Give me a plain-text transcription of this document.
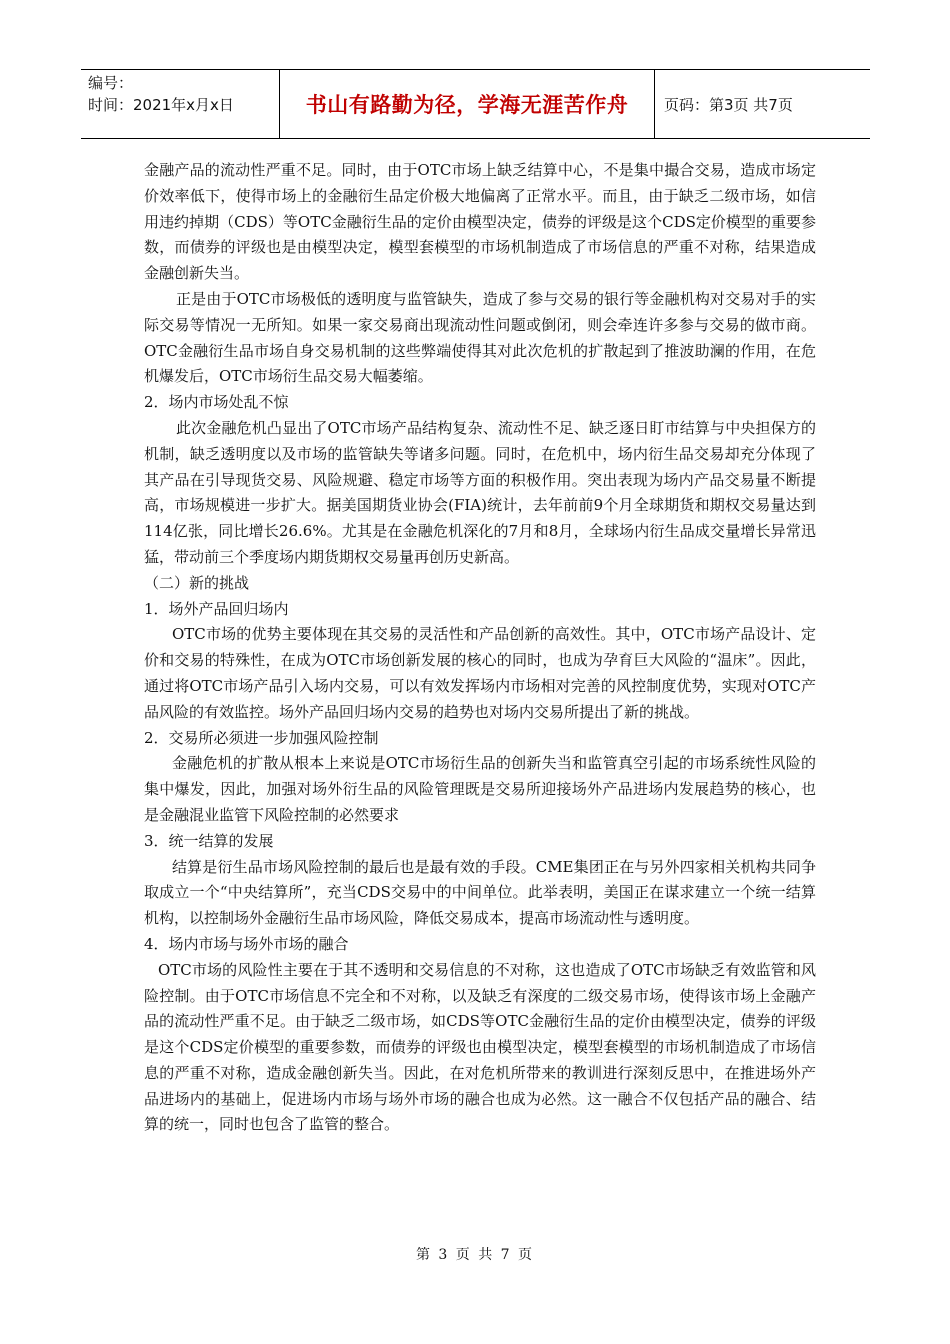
编号：
时间：2021年x月x日	书山有路勤为径，学海无涯苦作舟	页码：第3页 共7页

金融产品的流动性严重不足。同时，由于OTC市场上缺乏结算中心，不是集中撮合交易，造成市场定价效率低下，使得市场上的金融衍生品定价极大地偏离了正常水平。而且，由于缺乏二级市场，如信用违约掉期（CDS）等OTC金融衍生品的定价由模型决定，债券的评级是这个CDS定价模型的重要参数，而债券的评级也是由模型决定，模型套模型的市场机制造成了市场信息的严重不对称，结果造成金融创新失当。

正是由于OTC市场极低的透明度与监管缺失，造成了参与交易的银行等金融机构对交易对手的实际交易等情况一无所知。如果一家交易商出现流动性问题或倒闭，则会牵连许多参与交易的做市商。OTC金融衍生品市场自身交易机制的这些弊端使得其对此次危机的扩散起到了推波助澜的作用，在危机爆发后，OTC市场衍生品交易大幅萎缩。

2．场内市场处乱不惊

此次金融危机凸显出了OTC市场产品结构复杂、流动性不足、缺乏逐日盯市结算与中央担保方的机制，缺乏透明度以及市场的监管缺失等诸多问题。同时，在危机中，场内衍生品交易却充分体现了其产品在引导现货交易、风险规避、稳定市场等方面的积极作用。突出表现为场内产品交易量不断提高，市场规模进一步扩大。据美国期货业协会(FIA)统计，去年前前9个月全球期货和期权交易量达到114亿张，同比增长26.6%。尤其是在金融危机深化的7月和8月，全球场内衍生品成交量增长异常迅猛，带动前三个季度场内期货期权交易量再创历史新高。

（二）新的挑战

1．场外产品回归场内

OTC市场的优势主要体现在其交易的灵活性和产品创新的高效性。其中，OTC市场产品设计、定价和交易的特殊性，在成为OTC市场创新发展的核心的同时，也成为孕育巨大风险的“温床”。因此，通过将OTC市场产品引入场内交易，可以有效发挥场内市场相对完善的风控制度优势，实现对OTC产品风险的有效监控。场外产品回归场内交易的趋势也对场内交易所提出了新的挑战。

2．交易所必须进一步加强风险控制

金融危机的扩散从根本上来说是OTC市场衍生品的创新失当和监管真空引起的市场系统性风险的集中爆发，因此，加强对场外衍生品的风险管理既是交易所迎接场外产品进场内发展趋势的核心，也是金融混业监管下风险控制的必然要求

3．统一结算的发展

结算是衍生品市场风险控制的最后也是最有效的手段。CME集团正在与另外四家相关机构共同争取成立一个“中央结算所”，充当CDS交易中的中间单位。此举表明，美国正在谋求建立一个统一结算机构，以控制场外金融衍生品市场风险，降低交易成本，提高市场流动性与透明度。

4．场内市场与场外市场的融合

OTC市场的风险性主要在于其不透明和交易信息的不对称，这也造成了OTC市场缺乏有效监管和风险控制。由于OTC市场信息不完全和不对称，以及缺乏有深度的二级交易市场，使得该市场上金融产品的流动性严重不足。由于缺乏二级市场，如CDS等OTC金融衍生品的定价由模型决定，债券的评级是这个CDS定价模型的重要参数，而债券的评级也由模型决定，模型套模型的市场机制造成了市场信息的严重不对称，造成金融创新失当。因此，在对危机所带来的教训进行深刻反思中，在推进场外产品进场内的基础上，促进场内市场与场外市场的融合也成为必然。这一融合不仅包括产品的融合、结算的统一，同时也包含了监管的整合。

第 3 页 共 7 页
